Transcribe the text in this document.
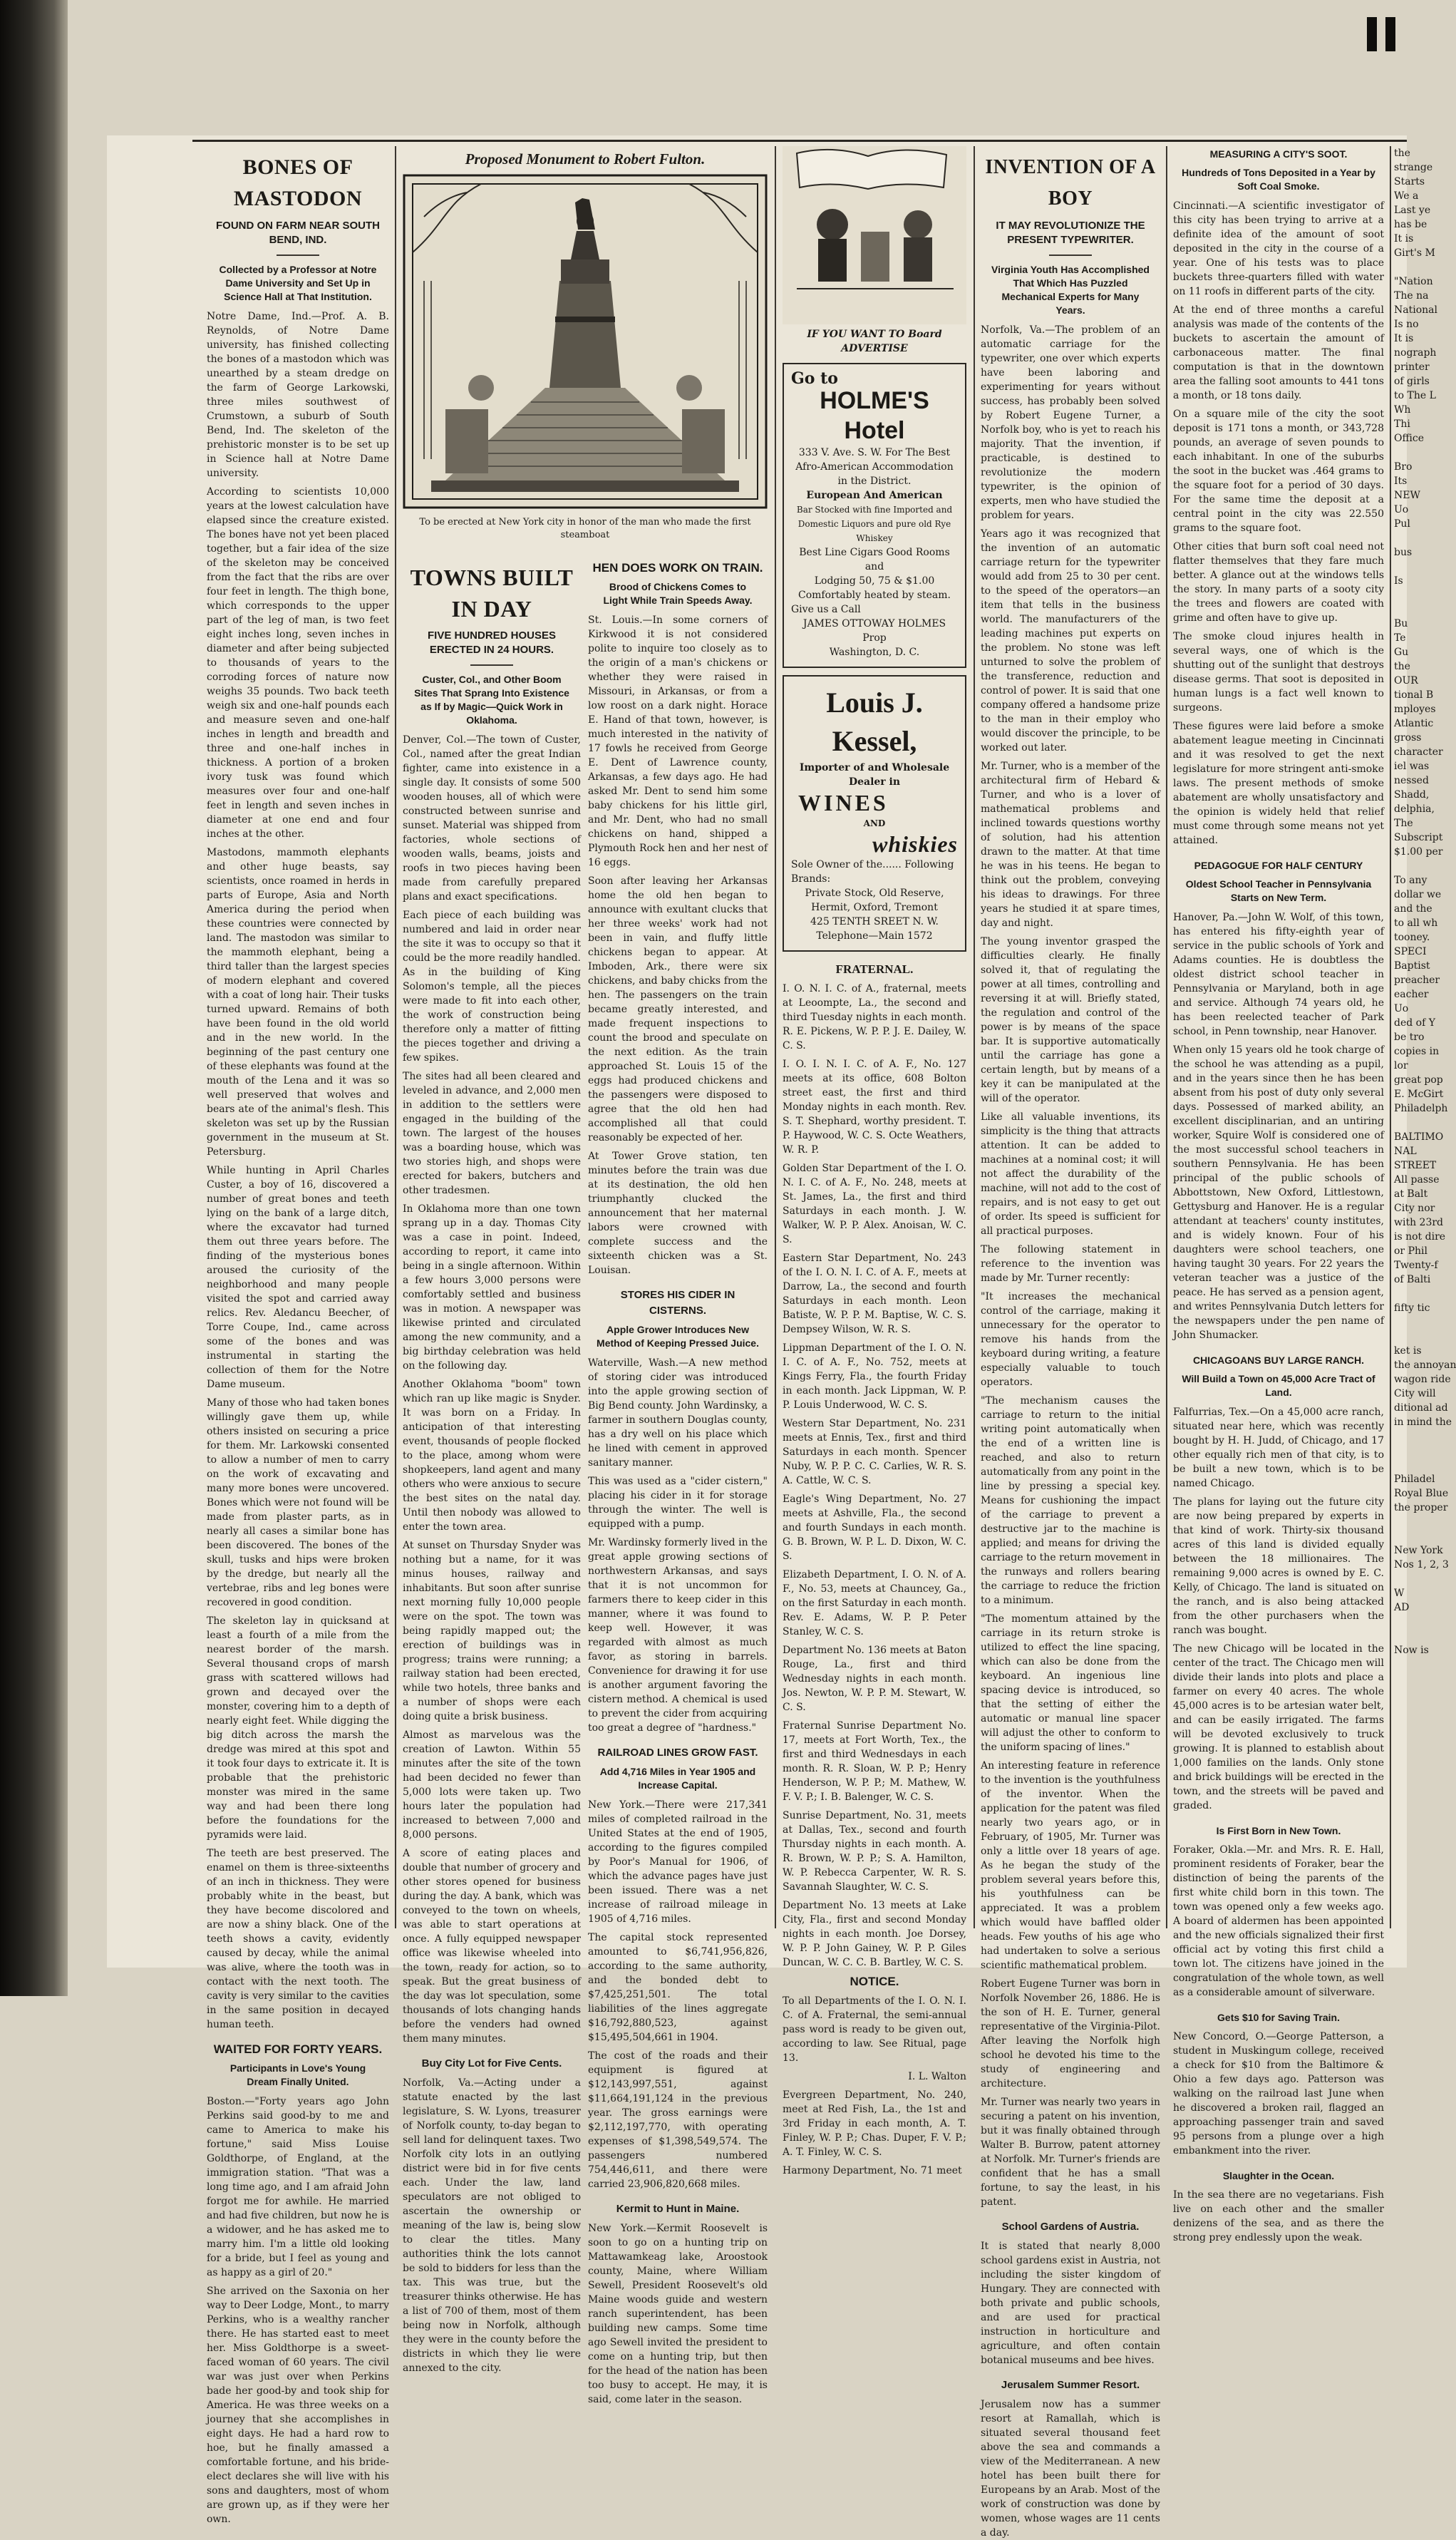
BONES OF MASTODON
FOUND ON FARM NEAR SOUTH BEND, IND.
Collected by a Professor at Notre Dame University and Set Up in Science Hall at That Institution.

Notre Dame, Ind.—Prof. A. B. Reynolds, of Notre Dame university, has finished collecting the bones of a mastodon which was unearthed by a steam dredge on the farm of George Larkowski, three miles southwest of Crumstown, a suburb of South Bend, Ind. The skeleton of the prehistoric monster is to be set up in Science hall at Notre Dame university.

According to scientists 10,000 years at the lowest calculation have elapsed since the creature existed. The bones have not yet been placed together, but a fair idea of the size of the skeleton may be conceived from the fact that the ribs are over four feet in length. The thigh bone, which corresponds to the upper part of the leg of man, is two feet eight inches long, seven inches in diameter and after being subjected to thousands of years to the corroding forces of nature now weighs 35 pounds. Two back teeth weigh six and one-half pounds each and measure seven and one-half inches in length and breadth and three and one-half inches in thickness. A portion of a broken ivory tusk was found which measures over four and one-half feet in length and seven inches in diameter at one end and four inches at the other.

Mastodons, mammoth elephants and other huge beasts, say scientists, once roamed in herds in parts of Europe, Asia and North America during the period when these countries were connected by land. The mastodon was similar to the mammoth elephant, being a third taller than the largest species of modern elephant and covered with a coat of long hair. Their tusks turned upward. Remains of both have been found in the old world and in the new world. In the beginning of the past century one of these elephants was found at the mouth of the Lena and it was so well preserved that wolves and bears ate of the animal's flesh. This skeleton was set up by the Russian government in the museum at St. Petersburg.

While hunting in April Charles Custer, a boy of 16, discovered a number of great bones and teeth lying on the bank of a large ditch, where the excavator had turned them out three years before. The finding of the mysterious bones aroused the curiosity of the neighborhood and many people visited the spot and carried away relics. Rev. Aledancu Beecher, of Torre Coupe, Ind., came across some of the bones and was instrumental in starting the collection of them for the Notre Dame museum.

Many of those who had taken bones willingly gave them up, while others insisted on securing a price for them. Mr. Larkowski consented to allow a number of men to carry on the work of excavating and many more bones were uncovered. Bones which were not found will be made from plaster parts, as in nearly all cases a similar bone has been discovered. The bones of the skull, tusks and hips were broken by the dredge, but nearly all the vertebrae, ribs and leg bones were recovered in good condition.

The skeleton lay in quicksand at least a fourth of a mile from the nearest border of the marsh. Several thousand crops of marsh grass with scattered willows had grown and decayed over the monster, covering him to a depth of nearly eight feet. While digging the big ditch across the marsh the dredge was mired at this spot and it took four days to extricate it. It is probable that the prehistoric monster was mired in the same way and had been there long before the foundations for the pyramids were laid.

The teeth are best preserved. The enamel on them is three-sixteenths of an inch in thickness. They were probably white in the beast, but they have become discolored and are now a shiny black. One of the teeth shows a cavity, evidently caused by decay, while the animal was alive, where the tooth was in contact with the next tooth. The cavity is very similar to the cavities in the same position in decayed human teeth.

WAITED FOR FORTY YEARS.
Participants in Love's Young Dream Finally United.

Boston.—"Forty years ago John Perkins said good-by to me and came to America to make his fortune," said Miss Louise Goldthorpe, of England, at the immigration station. "That was a long time ago, and I am afraid John forgot me for awhile. He married and had five children, but now he is a widower, and he has asked me to marry him. I'm a little old looking for a bride, but I feel as young and as happy as a girl of 20."

She arrived on the Saxonia on her way to Deer Lodge, Mont., to marry Perkins, who is a wealthy rancher there. He has started east to meet her. Miss Goldthorpe is a sweet-faced woman of 60 years. The civil war was just over when Perkins bade her good-by and took ship for America. He was three weeks on a journey that she accomplishes in eight days. He had a hard row to hoe, but he finally amassed a comfortable fortune, and his bride-elect declares she will live with his sons and daughters, most of whom are grown up, as if they were her own.

Proposed Monument to Robert Fulton.
To be erected at New York city in honor of the man who made the first steamboat
TOWNS BUILT IN DAY
FIVE HUNDRED HOUSES ERECTED IN 24 HOURS.
Custer, Col., and Other Boom Sites That Sprang Into Existence as If by Magic—Quick Work in Oklahoma.

Denver, Col.—The town of Custer, Col., named after the great Indian fighter, came into existence in a single day. It consists of some 500 wooden houses, all of which were constructed between sunrise and sunset. Material was shipped from factories, whole sections of wooden walls, beams, joists and roofs in two pieces having been made from carefully prepared plans and exact specifications.

Each piece of each building was numbered and laid in order near the site it was to occupy so that it could be the more readily handled. As in the building of King Solomon's temple, all the pieces were made to fit into each other, the work of construction being therefore only a matter of fitting the pieces together and driving a few spikes.

The sites had all been cleared and leveled in advance, and 2,000 men in addition to the settlers were engaged in the building of the town. The largest of the houses was a boarding house, which was two stories high, and shops were erected for bakers, butchers and other tradesmen.

In Oklahoma more than one town sprang up in a day. Thomas City was a case in point. Indeed, according to report, it came into being in a single afternoon. Within a few hours 3,000 persons were comfortably settled and business was in motion. A newspaper was likewise printed and circulated among the new community, and a big birthday celebration was held on the following day.

Another Oklahoma "boom" town which ran up like magic is Snyder. It was born on a Friday. In anticipation of that interesting event, thousands of people flocked to the place, among whom were shopkeepers, land agent and many others who were anxious to secure the best sites on the natal day. Until then nobody was allowed to enter the town area.

At sunset on Thursday Snyder was nothing but a name, for it was minus houses, railway and inhabitants. But soon after sunrise next morning fully 10,000 people were on the spot. The town was being rapidly mapped out; the erection of buildings was in progress; trains were running; a railway station had been erected, while two hotels, three banks and a number of shops were each doing quite a brisk business.

Almost as marvelous was the creation of Lawton. Within 55 minutes after the site of the town had been decided no fewer than 5,000 lots were taken up. Two hours later the population had increased to between 7,000 and 8,000 persons.

A score of eating places and double that number of grocery and other stores opened for business during the day. A bank, which was conveyed to the town on wheels, was able to start operations at once. A fully equipped newspaper office was likewise wheeled into the town, ready for action, so to speak. But the great business of the day was lot speculation, some thousands of lots changing hands before the venders had owned them many minutes.

Buy City Lot for Five Cents.

Norfolk, Va.—Acting under a statute enacted by the last legislature, S. W. Lyons, treasurer of Norfolk county, to-day began to sell land for delinquent taxes. Two Norfolk city lots in an outlying district were bid in for five cents each. Under the law, land speculators are not obliged to ascertain the ownership or meaning of the law is, being slow to clear the titles. Many authorities think the lots cannot be sold to bidders for less than the tax. This was true, but the treasurer thinks otherwise. He has a list of 700 of them, most of them being now in Norfolk, although they were in the county before the districts in which they lie were annexed to the city.

HEN DOES WORK ON TRAIN.
Brood of Chickens Comes to Light While Train Speeds Away.

St. Louis.—In some corners of Kirkwood it is not considered polite to inquire too closely as to the origin of a man's chickens or whether they were raised in Missouri, in Arkansas, or from a low roost on a dark night. Horace E. Hand of that town, however, is much interested in the nativity of 17 fowls he received from George E. Dent of Lawrence county, Arkansas, a few days ago. He had asked Mr. Dent to send him some baby chickens for his little girl, and Mr. Dent, who had no small chickens on hand, shipped a Plymouth Rock hen and her nest of 16 eggs.

Soon after leaving her Arkansas home the old hen began to announce with exultant clucks that her three weeks' work had not been in vain, and fluffy little chickens began to appear. At Imboden, Ark., there were six chickens, and baby chicks from the hen. The passengers on the train became greatly interested, and made frequent inspections to count the brood and speculate on the next edition. As the train approached St. Louis 15 of the eggs had produced chickens and the passengers were disposed to agree that the old hen had accomplished all that could reasonably be expected of her.

At Tower Grove station, ten minutes before the train was due at its destination, the old hen triumphantly clucked the announcement that her maternal labors were crowned with complete success and the sixteenth chicken was a St. Louisan.

STORES HIS CIDER IN CISTERNS.
Apple Grower Introduces New Method of Keeping Pressed Juice.

Waterville, Wash.—A new method of storing cider was introduced into the apple growing section of Big Bend county. John Wardinsky, a farmer in southern Douglas county, has a dry well on his place which he lined with cement in approved sanitary manner.

This was used as a "cider cistern," placing his cider in it for storage through the winter. The well is equipped with a pump.

Mr. Wardinsky formerly lived in the great apple growing sections of northwestern Arkansas, and says that it is not uncommon for farmers there to keep cider in this manner, where it was found to keep well. However, it was regarded with almost as much favor, as storing in barrels. Convenience for drawing it for use is another argument favoring the cistern method. A chemical is used to prevent the cider from acquiring too great a degree of "hardness."

RAILROAD LINES GROW FAST.
Add 4,716 Miles in Year 1905 and Increase Capital.

New York.—There were 217,341 miles of completed railroad in the United States at the end of 1905, according to the figures compiled by Poor's Manual for 1906, of which the advance pages have just been issued. There was a net increase of railroad mileage in 1905 of 4,716 miles.

The capital stock represented amounted to $6,741,956,826, according to the same authority, and the bonded debt to $7,425,251,501. The total liabilities of the lines aggregate $16,792,880,523, against $15,495,504,661 in 1904.

The cost of the roads and their equipment is figured at $12,143,997,551, against $11,664,191,124 in the previous year. The gross earnings were $2,112,197,770, with operating expenses of $1,398,549,574. The passengers numbered 754,446,611, and there were carried 23,906,820,668 miles.

Kermit to Hunt in Maine.

New York.—Kermit Roosevelt is soon to go on a hunting trip on Mattawamkeag lake, Aroostook county, Maine, where William Sewell, President Roosevelt's old Maine woods guide and western ranch superintendent, has been building new camps. Some time ago Sewell invited the president to come on a hunting trip, but then for the head of the nation has been too busy to accept. He may, it is said, come later in the season.

IF YOU WANT TO Board ADVERTISE
Go to
HOLME'S Hotel
333 V. Ave. S. W. For The Best Afro-American Accommodation in the District.
European And American
Bar Stocked with fine Imported and Domestic Liquors and pure old Rye Whiskey
Best Line Cigars Good Rooms and
Lodging 50, 75 & $1.00 Comfortably heated by steam.
Give us a Call
JAMES OTTOWAY HOLMES Prop
Washington, D. C.
Louis J. Kessel,
Importer of and Wholesale Dealer in
WINES
AND
whiskies
Sole Owner of the...... Following Brands:
Private Stock, Old Reserve, Hermit, Oxford, Tremont
425 TENTH SREET N. W. Telephone—Main 1572
FRATERNAL.

I. O. N. I. C. of A., fraternal, meets at Leoompte, La., the second and third Tuesday nights in each month. R. E. Pickens, W. P. P. J. E. Dailey, W. C. S.

I. O. I. N. I. C. of A. F., No. 127 meets at its office, 608 Bolton street east, the first and third Monday nights in each month. Rev. S. T. Shephard, worthy president. T. P. Haywood, W. C. S. Octe Weathers, W. R. P.

Golden Star Department of the I. O. N. I. C. of A. F., No. 248, meets at St. James, La., the first and third Saturdays in each month. J. W. Walker, W. P. P. Alex. Anoisan, W. C. S.

Eastern Star Department, No. 243 of the I. O. N. I. C. of A. F., meets at Darrow, La., the second and fourth Saturdays in each month. Leon Batiste, W. P. P. M. Baptise, W. C. S. Dempsey Wilson, W. R. S.

Lippman Department of the I. O. N. I. C. of A. F., No. 752, meets at Kings Ferry, Fla., the fourth Friday in each month. Jack Lippman, W. P. P. Louis Underwood, W. C. S.

Western Star Department, No. 231 meets at Ennis, Tex., first and third Saturdays in each month. Spencer Nuby, W. P. P. C. C. Carlies, W. R. S. A. Cattle, W. C. S.

Eagle's Wing Department, No. 27 meets at Ashville, Fla., the second and fourth Sundays in each month. G. B. Brown, W. P. L. D. Dixon, W. C. S.

Elizabeth Department, I. O. N. of A. F., No. 53, meets at Chauncey, Ga., on the first Saturday in each month. Rev. E. Adams, W. P. P. Peter Stanley, W. C. S.

Department No. 136 meets at Baton Rouge, La., first and third Wednesday nights in each month. Jos. Newton, W. P. P. M. Stewart, W. C. S.

Fraternal Sunrise Department No. 17, meets at Fort Worth, Tex., the first and third Wednesdays in each month. R. R. Sloan, W. P. P.; Henry Henderson, W. P. P.; M. Mathew, W. F. V. P.; I. B. Balenger, W. C. S.

Sunrise Department, No. 31, meets at Dallas, Tex., second and fourth Thursday nights in each month. A. R. Brown, W. P. P.; S. A. Hamilton, W. P. Rebecca Carpenter, W. R. S. Savannah Slaughter, W. C. S.

Department No. 13 meets at Lake City, Fla., first and second Monday nights in each month. Joe Dorsey, W. P. P. John Gainey, W. P. P. Giles Duncan, W. C. C. B. Bartley, W. C. S.

NOTICE.

To all Departments of the I. O. N. I. C. of A. Fraternal, the semi-annual pass word is ready to be given out, according to law. See Ritual, page 13.

I. L. Walton

Evergreen Department, No. 240, meet at Red Fish, La., the 1st and 3rd Friday in each month, A. T. Finley, W. P. P.; Chas. Duper, F. V. P.; A. T. Finley, W. C. S.

Harmony Department, No. 71 meet

INVENTION OF A BOY
IT MAY REVOLUTIONIZE THE PRESENT TYPEWRITER.
Virginia Youth Has Accomplished That Which Has Puzzled Mechanical Experts for Many Years.

Norfolk, Va.—The problem of an automatic carriage for the typewriter, one over which experts have been laboring and experimenting for years without success, has probably been solved by Robert Eugene Turner, a Norfolk boy, who is yet to reach his majority. That the invention, if practicable, is destined to revolutionize the modern typewriter, is the opinion of experts, men who have studied the problem for years.

Years ago it was recognized that the invention of an automatic carriage return for the typewriter would add from 25 to 30 per cent. to the speed of the operators—an item that tells in the business world. The manufacturers of the leading machines put experts on the problem. No stone was left unturned to solve the problem of the transference, reduction and control of power. It is said that one company offered a handsome prize to the man in their employ who would discover the principle, to be worked out later.

Mr. Turner, who is a member of the architectural firm of Hebard & Turner, and who is a lover of mathematical problems and inclined towards questions worthy of solution, had his attention drawn to the matter. At that time he was in his teens. He began to think out the problem, conveying his ideas to drawings. For three years he studied it at spare times, day and night.

The young inventor grasped the difficulties clearly. He finally solved it, that of regulating the power at all times, controlling and reversing it at will. Briefly stated, the regulation and control of the power is by means of the space bar. It is supportive automatically until the carriage has gone a certain length, but by means of a key it can be manipulated at the will of the operator.

Like all valuable inventions, its simplicity is the thing that attracts attention. It can be added to machines at a nominal cost; it will not affect the durability of the machine, will not add to the cost of repairs, and is not easy to get out of order. Its speed is sufficient for all practical purposes.

The following statement in reference to the invention was made by Mr. Turner recently:

"It increases the mechanical control of the carriage, making it unnecessary for the operator to remove his hands from the keyboard during writing, a feature especially valuable to touch operators.

"The mechanism causes the carriage to return to the initial writing point automatically when the end of a written line is reached, and also to return automatically from any point in the line by pressing a special key. Means for cushioning the impact of the carriage to prevent a destructive jar to the machine is applied; and means for driving the carriage to the return movement in the runways and rollers bearing the carriage to reduce the friction to a minimum.

"The momentum attained by the carriage in its return stroke is utilized to effect the line spacing, which can also be done from the keyboard. An ingenious line spacing device is introduced, so that the setting of either the automatic or manual line spacer will adjust the other to conform to the uniform spacing of lines."

An interesting feature in reference to the invention is the youthfulness of the inventor. When the application for the patent was filed nearly two years ago, or in February, of 1905, Mr. Turner was only a little over 18 years of age. As he began the study of the problem several years before this, his youthfulness can be appreciated. It was a problem which would have baffled older heads. Few youths of his age who had undertaken to solve a serious scientific mathematical problem.

Robert Eugene Turner was born in Norfolk November 26, 1886. He is the son of H. E. Turner, general representative of the Virginia-Pilot. After leaving the Norfolk high school he devoted his time to the study of engineering and architecture.

Mr. Turner was nearly two years in securing a patent on his invention, but it was finally obtained through Walter B. Burrow, patent attorney at Norfolk. Mr. Turner's friends are confident that he has a small fortune, to say the least, in his patent.

School Gardens of Austria.

It is stated that nearly 8,000 school gardens exist in Austria, not including the sister kingdom of Hungary. They are connected with both private and public schools, and are used for practical instruction in horticulture and agriculture, and often contain botanical museums and bee hives.

Jerusalem Summer Resort.

Jerusalem now has a summer resort at Ramallah, which is situated several thousand feet above the sea and commands a view of the Mediterranean. A new hotel has been built there for Europeans by an Arab. Most of the work of construction was done by women, whose wages are 11 cents a day.

MEASURING A CITY'S SOOT.
Hundreds of Tons Deposited in a Year by Soft Coal Smoke.

Cincinnati.—A scientific investigator of this city has been trying to arrive at a definite idea of the amount of soot deposited in the city in the course of a year. One of his tests was to place buckets three-quarters filled with water on 11 roofs in different parts of the city.

At the end of three months a careful analysis was made of the contents of the buckets to ascertain the amount of carbonaceous matter. The final computation is that in the downtown area the falling soot amounts to 441 tons a month, or 18 tons daily.

On a square mile of the city the soot deposit is 171 tons a month, or 343,728 pounds, an average of seven pounds to each inhabitant. In one of the suburbs the soot in the bucket was .464 grams to the square foot for a period of 30 days. For the same time the deposit at a central point in the city was 22.550 grams to the square foot.

Other cities that burn soft coal need not flatter themselves that they fare much better. A glance out at the windows tells the story. In many parts of a sooty city the trees and flowers are coated with grime and often have to give up.

The smoke cloud injures health in several ways, one of which is the shutting out of the sunlight that destroys disease germs. That soot is deposited in human lungs is a fact well known to surgeons.

These figures were laid before a smoke abatement league meeting in Cincinnati and it was resolved to get the next legislature for more stringent anti-smoke laws. The present methods of smoke abatement are wholly unsatisfactory and the opinion is widely held that relief must come through some means not yet attained.

PEDAGOGUE FOR HALF CENTURY
Oldest School Teacher in Pennsylvania Starts on New Term.

Hanover, Pa.—John W. Wolf, of this town, has entered his fifty-eighth year of service in the public schools of York and Adams counties. He is doubtless the oldest district school teacher in Pennsylvania or Maryland, both in age and service. Although 74 years old, he has been reelected teacher of Park school, in Penn township, near Hanover.

When only 15 years old he took charge of the school he was attending as a pupil, and in the years since then he has been absent from his post of duty only several days. Possessed of marked ability, an excellent disciplinarian, and an untiring worker, Squire Wolf is considered one of the most successful school teachers in southern Pennsylvania. He has been principal of the public schools of Abbottstown, New Oxford, Littlestown, Gettysburg and Hanover. He is a regular attendant at teachers' county institutes, and is widely known. Four of his daughters were school teachers, one having taught 30 years. For 22 years the veteran teacher was a justice of the peace. He has served as a pension agent, and writes Pennsylvania Dutch letters for the newspapers under the pen name of John Shumacker.

CHICAGOANS BUY LARGE RANCH.
Will Build a Town on 45,000 Acre Tract of Land.

Falfurrias, Tex.—On a 45,000 acre ranch, situated near here, which was recently bought by H. H. Judd, of Chicago, and 17 other equally rich men of that city, is to be built a new town, which is to be named Chicago.

The plans for laying out the future city are now being prepared by experts in that kind of work. Thirty-six thousand acres of this land is divided equally between the 18 millionaires. The remaining 9,000 acres is owned by E. C. Kelly, of Chicago. The land is situated on the ranch, and is also being attacked from the other purchasers when the ranch was bought.

The new Chicago will be located in the center of the tract. The Chicago men will divide their lands into plots and place a farmer on every 40 acres. The whole 45,000 acres is to be artesian water belt, and can be easily irrigated. The farms will be devoted exclusively to truck growing. It is planned to establish about 1,000 families on the lands. Only stone and brick buildings will be erected in the town, and the streets will be paved and graded.

Is First Born in New Town.

Foraker, Okla.—Mr. and Mrs. R. E. Hall, prominent residents of Foraker, bear the distinction of being the parents of the first white child born in this town. The town was opened only a few weeks ago. A board of aldermen has been appointed and the new officials signalized their first official act by voting this first child a town lot. The citizens have joined in the congratulation of the whole town, as well as a considerable amount of silverware.

Gets $10 for Saving Train.

New Concord, O.—George Patterson, a student in Muskingum college, received a check for $10 from the Baltimore & Ohio a few days ago. Patterson was walking on the railroad last June when he discovered a broken rail, flagged an approaching passenger train and saved 95 persons from a plunge over a high embankment into the river.

Slaughter in the Ocean.

In the sea there are no vegetarians. Fish live on each other and the smaller denizens of the sea, and as there the strong prey endlessly upon the weak.

the
strange
Starts
We a
Last ye
has be
It is
Girt's M

"Nation
The na
National
Is no
It is
nograph
printer
of girls
to The L
Wh
Thi
Office

Bro
Its
NEW
Uo
Pul

bus

Is

Bu
Te
Gu
the
OUR
tional B
mployes
Atlantic
gross
character
iel was
nessed
Shadd,
delphia,
The
Subscript
$1.00 per

To any
dollar we
and the
to all wh
tooney.
SPECI
Baptist
preacher
eacher
Uo
ded of Y
be tro
copies in
lor
great pop
E. McGirt
Philadelph

BALTIMO
NAL
STREET
All passe
at Balt
City nor
with 23rd
is not dire
or Phil
Twenty-f
of Balti

fifty tic

ket is
the annoyan
wagon ride
City will
ditional ad
in mind the

Philadel
Royal Blue
the proper

New York
Nos 1, 2, 3

W
AD

Now is
